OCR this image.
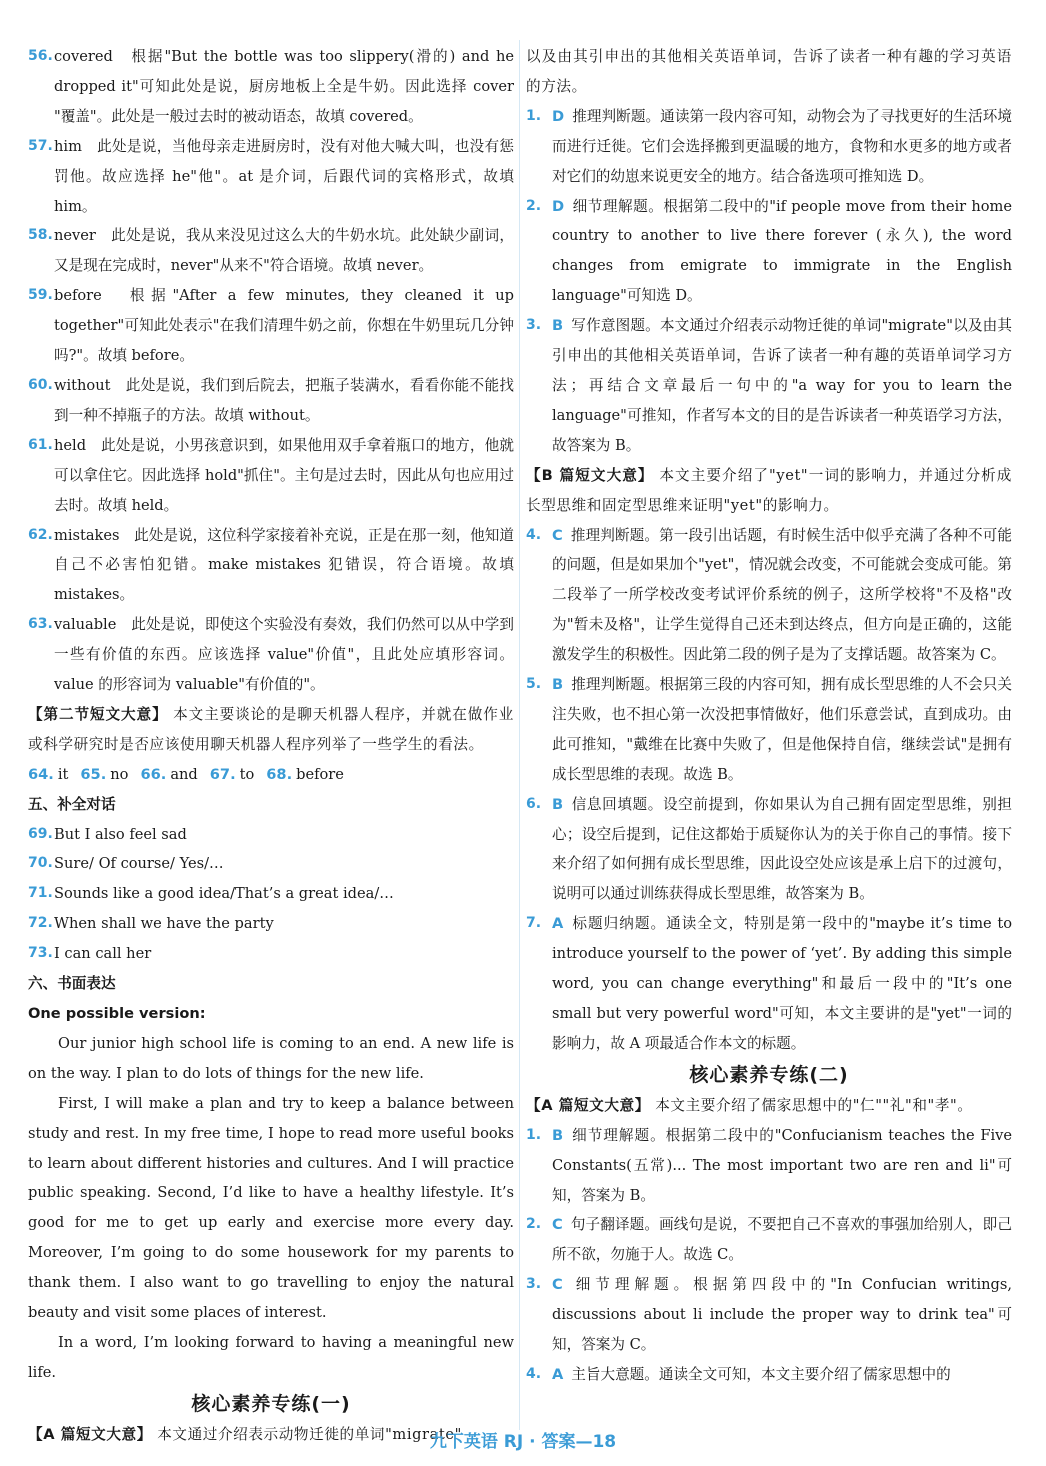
56. covered　根据"But the bottle was too slippery(滑的) and he dropped it"可知此处是说，厨房地板上全是牛奶。因此选择 cover "覆盖"。此处是一般过去时的被动语态，故填 covered。
57. him　此处是说，当他母亲走进厨房时，没有对他大喊大叫，也没有惩罚他。故应选择 he"他"。at 是介词，后跟代词的宾格形式，故填 him。
58. never　此处是说，我从来没见过这么大的牛奶水坑。此处缺少副词，又是现在完成时，never"从来不"符合语境。故填 never。
59. before　根据"After a few minutes, they cleaned it up together"可知此处表示"在我们清理牛奶之前，你想在牛奶里玩几分钟吗?"。故填 before。
60. without　此处是说，我们到后院去，把瓶子装满水，看看你能不能找到一种不掉瓶子的方法。故填 without。
61. held　此处是说，小男孩意识到，如果他用双手拿着瓶口的地方，他就可以拿住它。因此选择 hold"抓住"。主句是过去时，因此从句也应用过去时。故填 held。
62. mistakes　此处是说，这位科学家接着补充说，正是在那一刻，他知道自己不必害怕犯错。make mistakes 犯错误，符合语境。故填 mistakes。
63. valuable　此处是说，即使这个实验没有奏效，我们仍然可以从中学到一些有价值的东西。应该选择 value"价值"，且此处应填形容词。value 的形容词为 valuable"有价值的"。
【第二节短文大意】 本文主要谈论的是聊天机器人程序，并就在做作业或科学研究时是否应该使用聊天机器人程序列举了一些学生的看法。
64. it 65. no 66. and 67. to 68. before
五、补全对话
69. But I also feel sad
70. Sure/ Of course/ Yes/…
71. Sounds like a good idea/That’s a great idea/…
72. When shall we have the party
73. I can call her
六、书面表达
One possible version:

Our junior high school life is coming to an end. A new life is on the way. I plan to do lots of things for the new life.

First, I will make a plan and try to keep a balance between study and rest. In my free time, I hope to read more useful books to learn about different histories and cultures. And I will practice public speaking. Second, I’d like to have a healthy lifestyle. It’s good for me to get up early and exercise more every day. Moreover, I’m going to do some housework for my parents to thank them. I also want to go travelling to enjoy the natural beauty and visit some places of interest.

In a word, I’m looking forward to having a meaningful new life.

核心素养专练(一)
【A 篇短文大意】 本文通过介绍表示动物迁徙的单词"migrate"
以及由其引申出的其他相关英语单词，告诉了读者一种有趣的学习英语的方法。
1. D 推理判断题。通读第一段内容可知，动物会为了寻找更好的生活环境而进行迁徙。它们会选择搬到更温暖的地方，食物和水更多的地方或者对它们的幼崽来说更安全的地方。结合备选项可推知选 D。
2. D 细节理解题。根据第二段中的"if people move from their home country to another to live there forever (永久), the word changes from emigrate to immigrate in the English language"可知选 D。
3. B 写作意图题。本文通过介绍表示动物迁徙的单词"migrate"以及由其引申出的其他相关英语单词，告诉了读者一种有趣的英语单词学习方法；再结合文章最后一句中的"a way for you to learn the language"可推知，作者写本文的目的是告诉读者一种英语学习方法，故答案为 B。
【B 篇短文大意】 本文主要介绍了"yet"一词的影响力，并通过分析成长型思维和固定型思维来证明"yet"的影响力。
4. C 推理判断题。第一段引出话题，有时候生活中似乎充满了各种不可能的问题，但是如果加个"yet"，情况就会改变，不可能就会变成可能。第二段举了一所学校改变考试评价系统的例子，这所学校将"不及格"改为"暂未及格"，让学生觉得自己还未到达终点，但方向是正确的，这能激发学生的积极性。因此第二段的例子是为了支撑话题。故答案为 C。
5. B 推理判断题。根据第三段的内容可知，拥有成长型思维的人不会只关注失败，也不担心第一次没把事情做好，他们乐意尝试，直到成功。由此可推知，"戴维在比赛中失败了，但是他保持自信，继续尝试"是拥有成长型思维的表现。故选 B。
6. B 信息回填题。设空前提到，你如果认为自己拥有固定型思维，别担心；设空后提到，记住这都始于质疑你认为的关于你自己的事情。接下来介绍了如何拥有成长型思维，因此设空处应该是承上启下的过渡句，说明可以通过训练获得成长型思维，故答案为 B。
7. A 标题归纳题。通读全文，特别是第一段中的"maybe it’s time to introduce yourself to the power of ‘yet’. By adding this simple word, you can change everything"和最后一段中的"It’s one small but very powerful word"可知，本文主要讲的是"yet"一词的影响力，故 A 项最适合作本文的标题。
核心素养专练(二)
【A 篇短文大意】 本文主要介绍了儒家思想中的"仁""礼"和"孝"。
1. B 细节理解题。根据第二段中的"Confucianism teaches the Five Constants(五常)... The most important two are ren and li"可知，答案为 B。
2. C 句子翻译题。画线句是说，不要把自己不喜欢的事强加给别人，即己所不欲，勿施于人。故选 C。
3. C 细节理解题。根据第四段中的"In Confucian writings, discussions about li include the proper way to drink tea"可知，答案为 C。
4. A 主旨大意题。通读全文可知，本文主要介绍了儒家思想中的
九下英语 RJ · 答案—18
